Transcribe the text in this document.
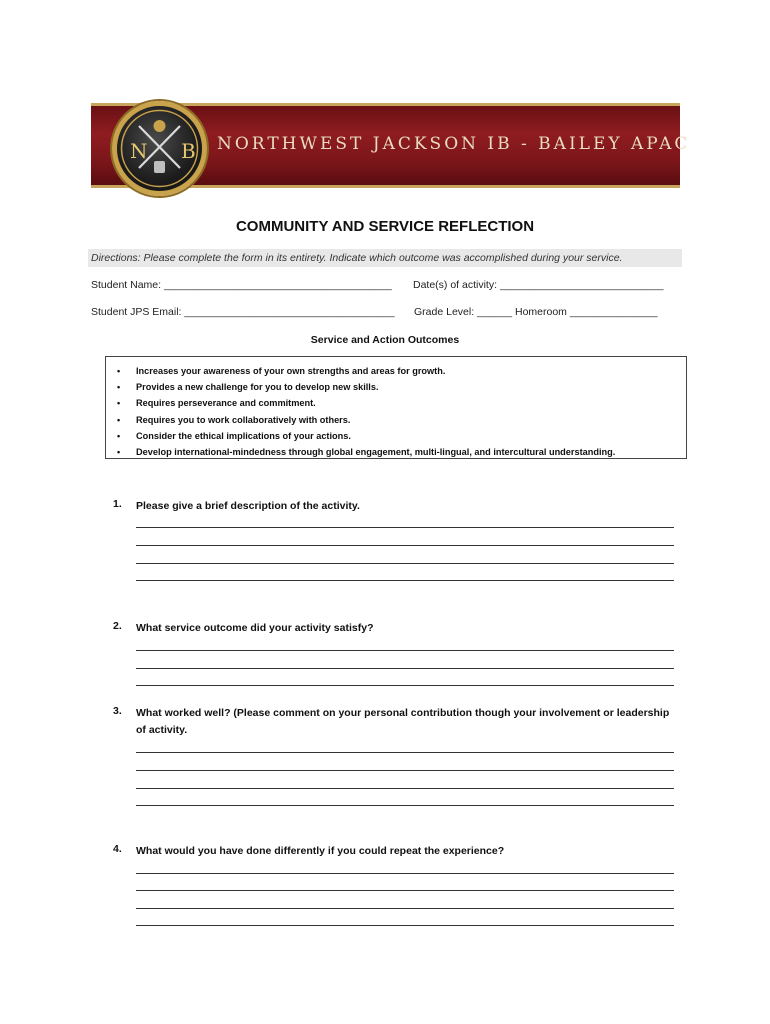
NORTHWEST JACKSON IB - BAILEY APAC
N B
COMMUNITY AND SERVICE REFLECTION
Directions: Please complete the form in its entirety. Indicate which outcome was accomplished during your service.
Student Name: _______________________________________ Date(s) of activity: ____________________________
Student JPS Email: ____________________________________ Grade Level: ______ Homeroom _______________
Service and Action Outcomes
• Increases your awareness of your own strengths and areas for growth.
• Provides a new challenge for you to develop new skills.
• Requires perseverance and commitment.
• Requires you to work collaboratively with others.
• Consider the ethical implications of your actions.
• Develop international-mindedness through global engagement, multi-lingual, and intercultural understanding.
1. Please give a brief description of the activity.
2. What service outcome did your activity satisfy?
3. What worked well? (Please comment on your personal contribution though your involvement or leadership of activity.
4. What would you have done differently if you could repeat the experience?
